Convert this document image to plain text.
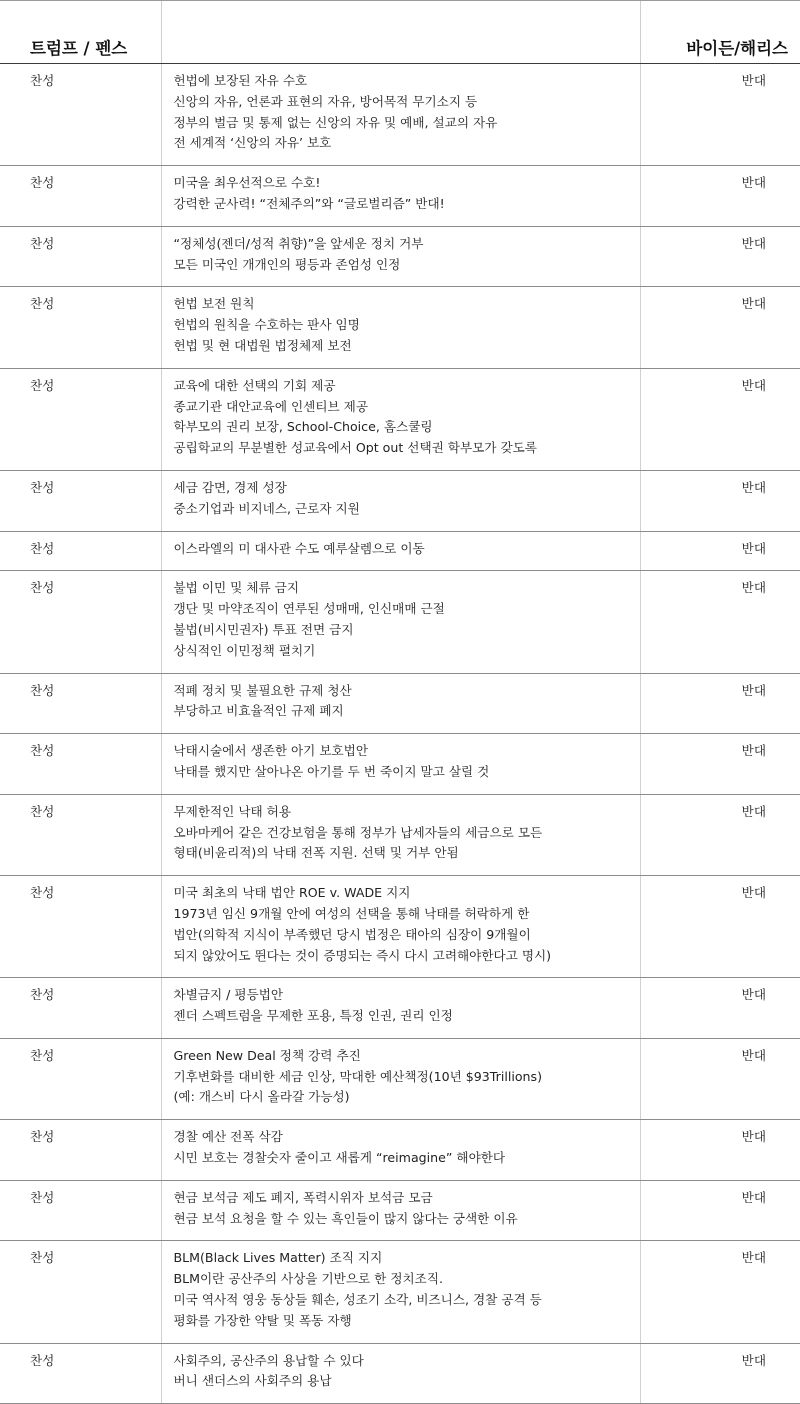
트럼프 / 펜스		바이든/해리스
찬성	헌법에 보장된 자유 수호
신앙의 자유, 언론과 표현의 자유, 방어목적 무기소지 등
정부의 벌금 및 통제 없는 신앙의 자유 및 예배, 설교의 자유
전 세계적 ‘신앙의 자유’ 보호	반대
찬성	미국을 최우선적으로 수호!
강력한 군사력! “전체주의”와 “글로벌리즘” 반대!	반대
찬성	“정체성(젠더/성적 취향)”을 앞세운 정치 거부
모든 미국인 개개인의 평등과 존엄성 인정	반대
찬성	헌법 보전 원칙
헌법의 원칙을 수호하는 판사 임명
헌법 및 현 대법원 법정체제 보전	반대
찬성	교육에 대한 선택의 기회 제공
종교기관 대안교육에 인센티브 제공
학부모의 권리 보장, School-Choice, 홈스쿨링
공립학교의 무분별한 성교육에서 Opt out 선택권 학부모가 갖도록	반대
찬성	세금 감면, 경제 성장
중소기업과 비지네스, 근로자 지원	반대
찬성	이스라엘의 미 대사관 수도 예루살렘으로 이동	반대
찬성	불법 이민 및 체류 금지
갱단 및 마약조직이 연루된 성매매, 인신매매 근절
불법(비시민권자) 투표 전면 금지
상식적인 이민정책 펼치기	반대
찬성	적폐 정치 및 불필요한 규제 청산
부당하고 비효율적인 규제 폐지	반대
찬성	낙태시술에서 생존한 아기 보호법안
낙태를 했지만 살아나온 아기를 두 번 죽이지 말고 살릴 것	반대
찬성	무제한적인 낙태 허용
오바마케어 같은 건강보험을 통해 정부가 납세자들의 세금으로 모든
형태(비윤리적)의 낙태 전폭 지원. 선택 및 거부 안됨	반대
찬성	미국 최초의 낙태 법안 ROE v. WADE 지지
1973년 임신 9개월 안에 여성의 선택을 통해 낙태를 허락하게 한
법안(의학적 지식이 부족했던 당시 법정은 태아의 심장이 9개월이
되지 않았어도 뛴다는 것이 증명되는 즉시 다시 고려해야한다고 명시)	반대
찬성	차별금지 / 평등법안
젠더 스펙트럼을 무제한 포용, 특정 인권, 권리 인정	반대
찬성	Green New Deal 정책 강력 추진
기후변화를 대비한 세금 인상, 막대한 예산책정(10년 $93Trillions)
(예: 개스비 다시 올라갈 가능성)	반대
찬성	경찰 예산 전폭 삭감
시민 보호는 경찰숫자 줄이고 새롭게 “reimagine” 해야한다	반대
찬성	현금 보석금 제도 폐지, 폭력시위자 보석금 모금
현금 보석 요청을 할 수 있는 흑인들이 많지 않다는 궁색한 이유	반대
찬성	BLM(Black Lives Matter) 조직 지지
BLM이란 공산주의 사상을 기반으로 한 정치조직.
미국 역사적 영웅 동상들 훼손, 성조기 소각, 비즈니스, 경찰 공격 등
평화를 가장한 약탈 및 폭동 자행	반대
찬성	사회주의, 공산주의 용납할 수 있다
버니 샌더스의 사회주의 용납	반대
